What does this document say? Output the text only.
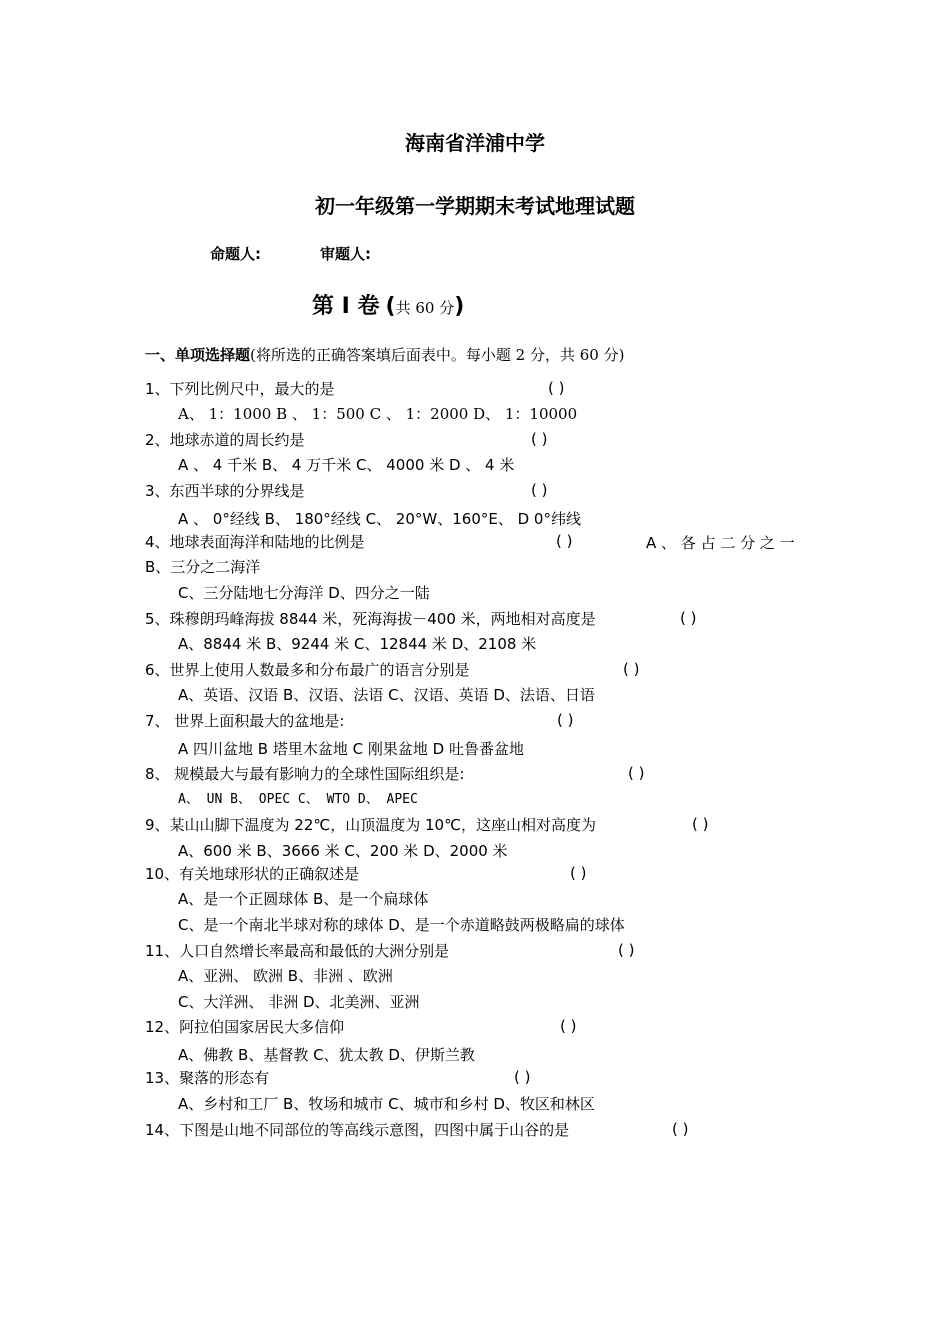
海南省洋浦中学
初一年级第一学期期末考试地理试题
命题人:	审题人:
第 I 卷 (共 60 分)
一、单项选择题(将所选的正确答案填后面表中。每小题 2 分，共 60 分)
1、下列比例尺中，最大的是	( )
A、 1：1000 B 、 1：500 C 、 1：2000 D、 1：10000
2、地球赤道的周长约是	( )
A 、 4 千米 B、 4 万千米 C、 4000 米 D 、 4 米
3、东西半球的分界线是	( )
A 、 0°经线 B、 180°经线 C、 20°W、160°E、 D 0°纬线
4、地球表面海洋和陆地的比例是	( )	A 、 各 占 二 分 之 一
B、三分之二海洋
C、三分陆地七分海洋 D、四分之一陆
5、珠穆朗玛峰海拔 8844 米，死海海拔－400 米，两地相对高度是	( )
A、8844 米 B、9244 米 C、12844 米 D、2108 米
6、世界上使用人数最多和分布最广的语言分别是	( )
A、英语、汉语 B、汉语、法语 C、汉语、英语 D、法语、日语
7、 世界上面积最大的盆地是:	( )
A 四川盆地 B 塔里木盆地 C 刚果盆地 D 吐鲁番盆地
8、 规模最大与最有影响力的全球性国际组织是:	( )
A、 UN B、 OPEC C、 WTO D、 APEC
9、某山山脚下温度为 22℃，山顶温度为 10℃，这座山相对高度为	( )
A、600 米 B、3666 米 C、200 米 D、2000 米
10、有关地球形状的正确叙述是	( )
A、是一个正圆球体 B、是一个扁球体
C、是一个南北半球对称的球体 D、是一个赤道略鼓两极略扁的球体
11、人口自然增长率最高和最低的大洲分别是	( )
A、亚洲、 欧洲 B、非洲 、欧洲
C、大洋洲、 非洲 D、北美洲、亚洲
12、阿拉伯国家居民大多信仰	( )
A、佛教 B、基督教 C、犹太教 D、伊斯兰教
13、聚落的形态有	( )
A、乡村和工厂 B、牧场和城市 C、城市和乡村 D、牧区和林区
14、下图是山地不同部位的等高线示意图，四图中属于山谷的是	( )
